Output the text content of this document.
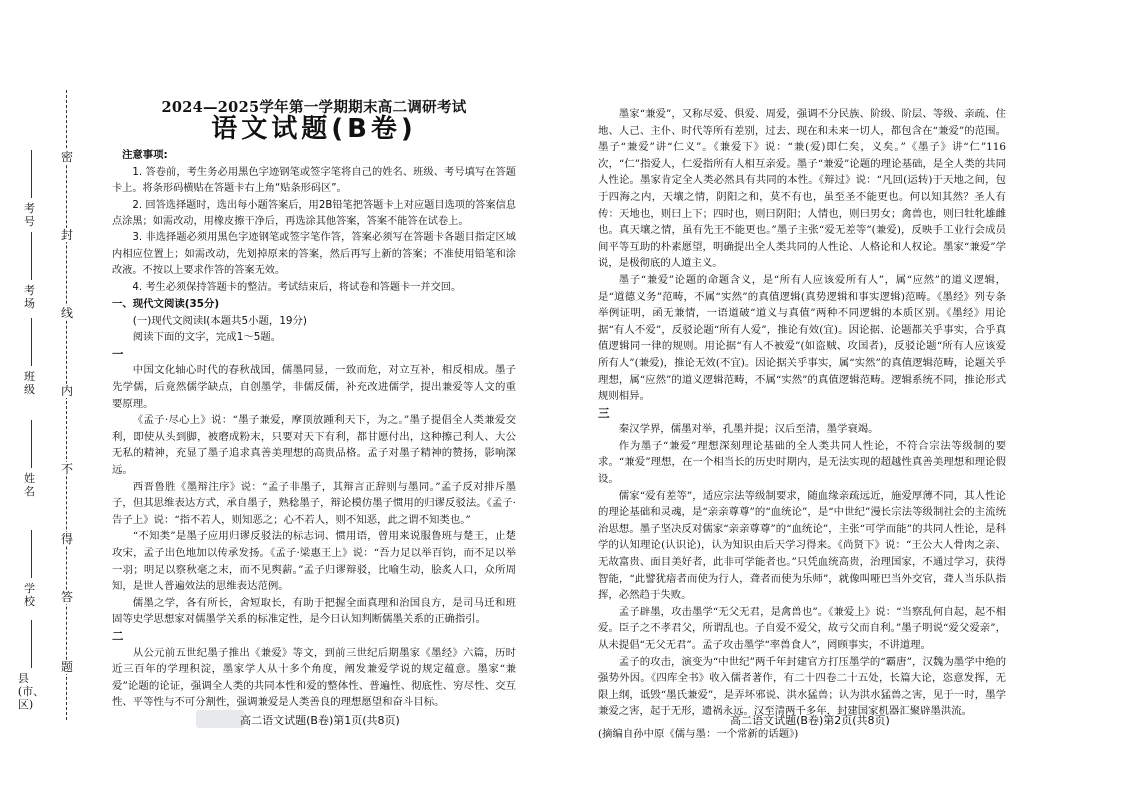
密
封
线
内
不
得
答
题
考号
考场
班级
姓名
学校
县(市、区)
2024—2025学年第一学期期末高二调研考试
语文试题(B卷)
注意事项:

1. 答卷前，考生务必用黑色字迹钢笔或签字笔将自己的姓名、班级、考号填写在答题卡上。将条形码横贴在答题卡右上角“贴条形码区”。

2. 回答选择题时，选出每小题答案后，用2B铅笔把答题卡上对应题目选项的答案信息点涂黑；如需改动，用橡皮擦干净后，再选涂其他答案，答案不能答在试卷上。

3. 非选择题必须用黑色字迹钢笔或签字笔作答，答案必须写在答题卡各题目指定区域内相应位置上；如需改动，先划掉原来的答案，然后再写上新的答案；不准使用铅笔和涂改液。不按以上要求作答的答案无效。

4. 考生必须保持答题卡的整洁。考试结束后，将试卷和答题卡一并交回。

一、现代文阅读(35分)

(一)现代文阅读Ⅰ(本题共5小题，19分)

阅读下面的文字，完成1～5题。

一

中国文化轴心时代的春秋战国，儒墨同显，一致而危，对立互补，相反相成。墨子先学儒，后竟然儒学缺点，自创墨学，非儒反儒，补充改进儒学，提出兼爱等人文的重要原理。

《孟子·尽心上》说：“墨子兼爱，摩顶放踵利天下，为之。”墨子提倡全人类兼爱交利，即使从头到脚，被磨成粉末，只要对天下有利，都甘愿付出，这种擦己利人、大公无私的精神，充显了墨子追求真善美理想的高贵品格。孟子对墨子精神的赞扬，影响深远。

西晋鲁胜《墨辩注序》说：“孟子非墨子，其辩言正辞则与墨同。”孟子反对排斥墨子，但其思维表达方式，承自墨子，熟稔墨子，辩论模仿墨子惯用的归谬反驳法。《孟子·告子上》说：“指不若人，则知恶之；心不若人，则不知恶，此之谓不知类也。”

“不知类”是墨子应用归谬反驳法的标志词、惯用语，曾用来说服鲁班与楚王，止楚攻宋，孟子出色地加以传承发扬。《孟子·梁惠王上》说：“吾力足以举百钧，而不足以举一羽；明足以察秋毫之末，而不见舆薪。”孟子归谬辩驳，比喻生动，脍炙人口，众所周知，是世人普遍效法的思维表达范例。

儒墨之学，各有所长，舍短取长，有助于把握全面真理和治国良方，是司马迁和班固等史学思想家对儒墨学关系的标准定性，是今日认知判断儒墨关系的正确指引。

二

从公元前五世纪墨子推出《兼爱》等文，到前三世纪后期墨家《墨经》六篇，历时近三百年的学理积淀，墨家学人从十多个角度，阐发兼爱学说的规定蕴意。墨家“兼爱”论题的论证，强调全人类的共同本性和爱的整体性、普遍性、彻底性、穷尽性、交互性、平等性与不可分割性，强调兼爱是人类善良的理想愿望和奋斗目标。

墨家“兼爱”，又称尽爱、俱爱、周爱，强调不分民族、阶级、阶层、等级、亲疏、住地、人己、主仆、时代等所有差别，过去、现在和未来一切人，都包含在“兼爱”的范围。墨子“兼爱”讲“仁义”。《兼爱下》说：“兼(爱)即仁矣，义矣。”《墨子》讲“仁”116次，“仁”指爱人，仁爱指所有人相互亲爱。墨子“兼爱”论题的理论基础，是全人类的共同人性论。墨家肯定全人类必然具有共同的本性。《辩过》说：“凡回(运转)于天地之间，包于四海之内，天壤之情，阴阳之和，莫不有也，虽至圣不能更也。何以知其然？圣人有传：天地也，则曰上下；四时也，则曰阴阳；人情也，则曰男女；禽兽也，则曰牡牝雄雌也。真天壤之情，虽有先王不能更也。”墨子主张“爱无差等”(兼爱)，反映手工业行会成员间平等互助的朴素愿望，明确提出全人类共同的人性论、人格论和人权论。墨家“兼爱”学说，是极彻底的人道主义。

墨子“兼爱”论题的命题含义，是“所有人应该爱所有人”，属“应然”的道义逻辑，是“道德义务”范畴，不属“实然”的真值逻辑(真势逻辑和事实逻辑)范畴。《墨经》列专条举例证明，函无兼情，一语道破“道义与真值”两种不同逻辑的本质区别。《墨经》用论据“有人不爱”，反驳论题“所有人爱”，推论有效(宜)。因论据、论题都关乎事实，合乎真值逻辑同一律的规则。用论据“有人不被爱”(如盗贼、攻国者)，反驳论题“所有人应该爱所有人”(兼爱)，推论无效(不宜)。因论据关乎事实，属“实然”的真值逻辑范畴，论题关乎理想，属“应然”的道义逻辑范畴，不属“实然”的真值逻辑范畴。逻辑系统不同，推论形式规则相异。

三

秦汉学界，儒墨对举，孔墨并提；汉后至清，墨学衰竭。

作为墨子“兼爱”理想深刻理论基础的全人类共同人性论，不符合宗法等级制的要求。“兼爱”理想，在一个相当长的历史时期内，是无法实现的超越性真善美理想和理论假设。

儒家“爱有差等”，适应宗法等级制要求，随血缘亲疏远近，施爱厚薄不同，其人性论的理论基础和灵魂，是“亲亲尊尊”的“血统论”，是“中世纪”漫长宗法等级制社会的主流统治思想。墨子坚决反对儒家“亲亲尊尊”的“血统论”，主张“可学而能”的共同人性论，是科学的认知理论(认识论)，认为知识由后天学习得来。《尚贤下》说：“王公大人骨肉之亲、无故富贵、面目美好者，此非可学能者也。”只凭血统高贵，治理国家，不通过学习，获得智能，“此譬犹瘖者而使为行人，聋者而使为乐师”，就像叫哑巴当外交官，聋人当乐队指挥，必然趋于失败。

孟子辟墨，攻击墨学“无父无君，是禽兽也”。《兼爱上》说：“当察乱何自起，起不相爱。臣子之不孝君父，所谓乱也。子自爱不爱父，故亏父而自利。”墨子明说“爱父爱亲”，从未提倡“无父无君”。孟子攻击墨学“率兽食人”，罔顾事实，不讲道理。

孟子的攻击，演变为“中世纪”两千年封建官方打压墨学的“霸唐”，汉魏为墨学中绝的强势外因。《四库全书》收入儒者著作，有二十四卷二十五处，长篇大论，恣意发挥，无限上纲，诋毁“墨氏兼爱”，是弄坏邪说、洪水猛兽；认为洪水猛兽之害，见于一时，墨学兼爱之害，起于无形，遗祸永远。汉至清两千多年，封建国家机器汇聚辟墨洪流。

(摘编自孙中原《儒与墨：一个常新的话题》)

高二语文试题(B卷)第1页(共8页)	高二语文试题(B卷)第2页(共8页)
